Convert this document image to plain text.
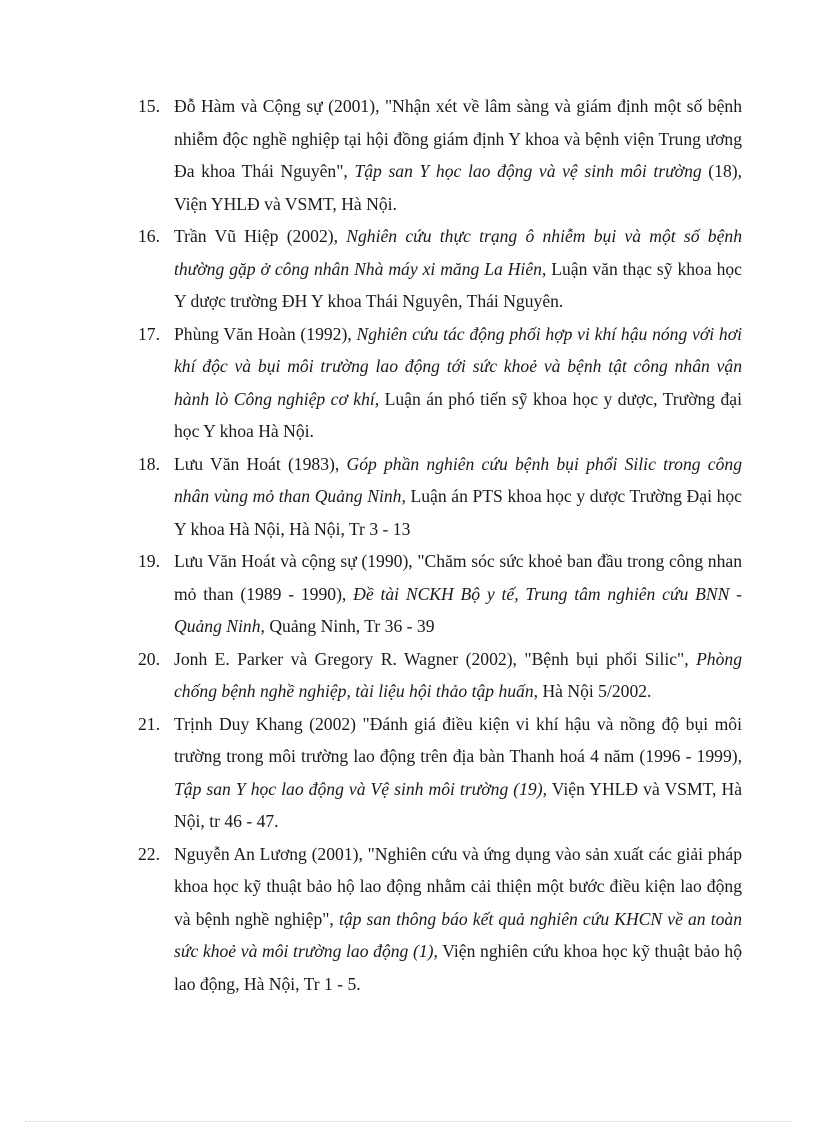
15. Đỗ Hàm và Cộng sự (2001), "Nhận xét về lâm sàng và giám định một số bệnh nhiễm độc nghề nghiệp tại hội đồng giám định Y khoa và bệnh viện Trung ương Đa khoa Thái Nguyên", Tập san Y học lao động và vệ sinh môi trường (18), Viện YHLĐ và VSMT, Hà Nội.
16. Trần Vũ Hiệp (2002), Nghiên cứu thực trạng ô nhiễm bụi và một số bệnh thường gặp ở công nhân Nhà máy xi măng La Hiên, Luận văn thạc sỹ khoa học Y dược trường ĐH Y khoa Thái Nguyên, Thái Nguyên.
17. Phùng Văn Hoàn (1992), Nghiên cứu tác động phối hợp vi khí hậu nóng với hơi khí độc và bụi môi trường lao động tới sức khoẻ và bệnh tật công nhân vận hành lò Công nghiệp cơ khí, Luận án phó tiến sỹ khoa học y dược, Trường đại học Y khoa Hà Nội.
18. Lưu Văn Hoát (1983), Góp phần nghiên cứu bệnh bụi phổi Silic trong công nhân vùng mỏ than Quảng Ninh, Luận án PTS khoa học y dược Trường Đại học Y khoa Hà Nội, Hà Nội, Tr 3 - 13
19. Lưu Văn Hoát và cộng sự (1990), "Chăm sóc sức khoẻ ban đầu trong công nhan mỏ than (1989 - 1990), Đề tài NCKH Bộ y tế, Trung tâm nghiên cứu BNN - Quảng Ninh, Quảng Ninh, Tr 36 - 39
20. Jonh E. Parker và Gregory R. Wagner (2002), "Bệnh bụi phổi Silic", Phòng chống bệnh nghề nghiệp, tài liệu hội thảo tập huấn, Hà Nội 5/2002.
21. Trịnh Duy Khang (2002) "Đánh giá điều kiện vi khí hậu và nồng độ bụi môi trường trong môi trường lao động trên địa bàn Thanh hoá 4 năm (1996 - 1999), Tập san Y học lao động và Vệ sinh môi trường (19), Viện YHLĐ và VSMT, Hà Nội, tr 46 - 47.
22. Nguyễn An Lương (2001), "Nghiên cứu và ứng dụng vào sản xuất các giải pháp khoa học kỹ thuật bảo hộ lao động nhằm cải thiện một bước điều kiện lao động và bệnh nghề nghiệp", tập san thông báo kết quả nghiên cứu KHCN về an toàn sức khoẻ và môi trường lao động (1), Viện nghiên cứu khoa học kỹ thuật bảo hộ lao động, Hà Nội, Tr 1 - 5.
